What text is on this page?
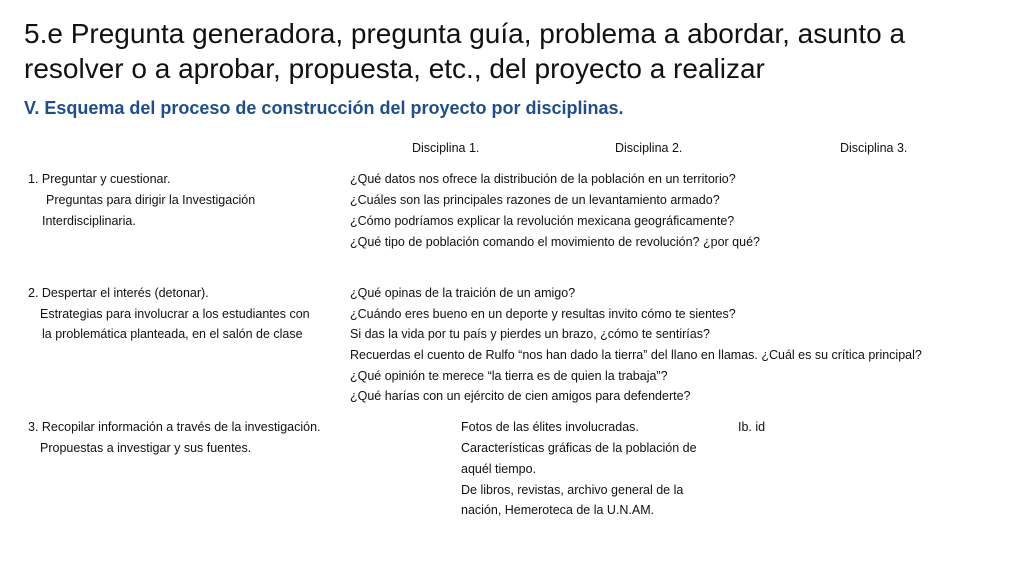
5.e Pregunta generadora, pregunta guía, problema a abordar, asunto a resolver o a aprobar, propuesta, etc., del proyecto a realizar
V. Esquema del proceso de construcción del proyecto por disciplinas.
Disciplina 1.	Disciplina 2.	Disciplina 3.
1. Preguntar y cuestionar.
Preguntas para dirigir la Investigación
Interdisciplinaria.
¿Qué datos nos ofrece la distribución de la población en un territorio?
¿Cuáles son las principales razones de un levantamiento armado?
¿Cómo podríamos explicar la revolución mexicana geográficamente?
¿Qué tipo de población comando el movimiento de revolución? ¿por qué?
2. Despertar el interés (detonar).
Estrategias para involucrar a los estudiantes con
la problemática planteada, en el salón de clase
¿Qué opinas de la traición de un amigo?
¿Cuándo eres bueno en un deporte y resultas invito cómo te sientes?
Si das la vida por tu país y pierdes un brazo, ¿cómo te sentirías?
Recuerdas el cuento de Rulfo “nos han dado la tierra” del llano en llamas. ¿Cuál es su crítica principal?
¿Qué opinión te merece “la tierra es de quien la trabaja”?
¿Qué harías con un ejército de cien amigos para defenderte?
3. Recopilar información a través de la investigación.
Propuestas a investigar y sus fuentes.
Fotos de las élites involucradas.
Características gráficas de la población de
aquél tiempo.
De libros, revistas, archivo general de la
nación, Hemeroteca de la U.N.AM.
Ib. id
